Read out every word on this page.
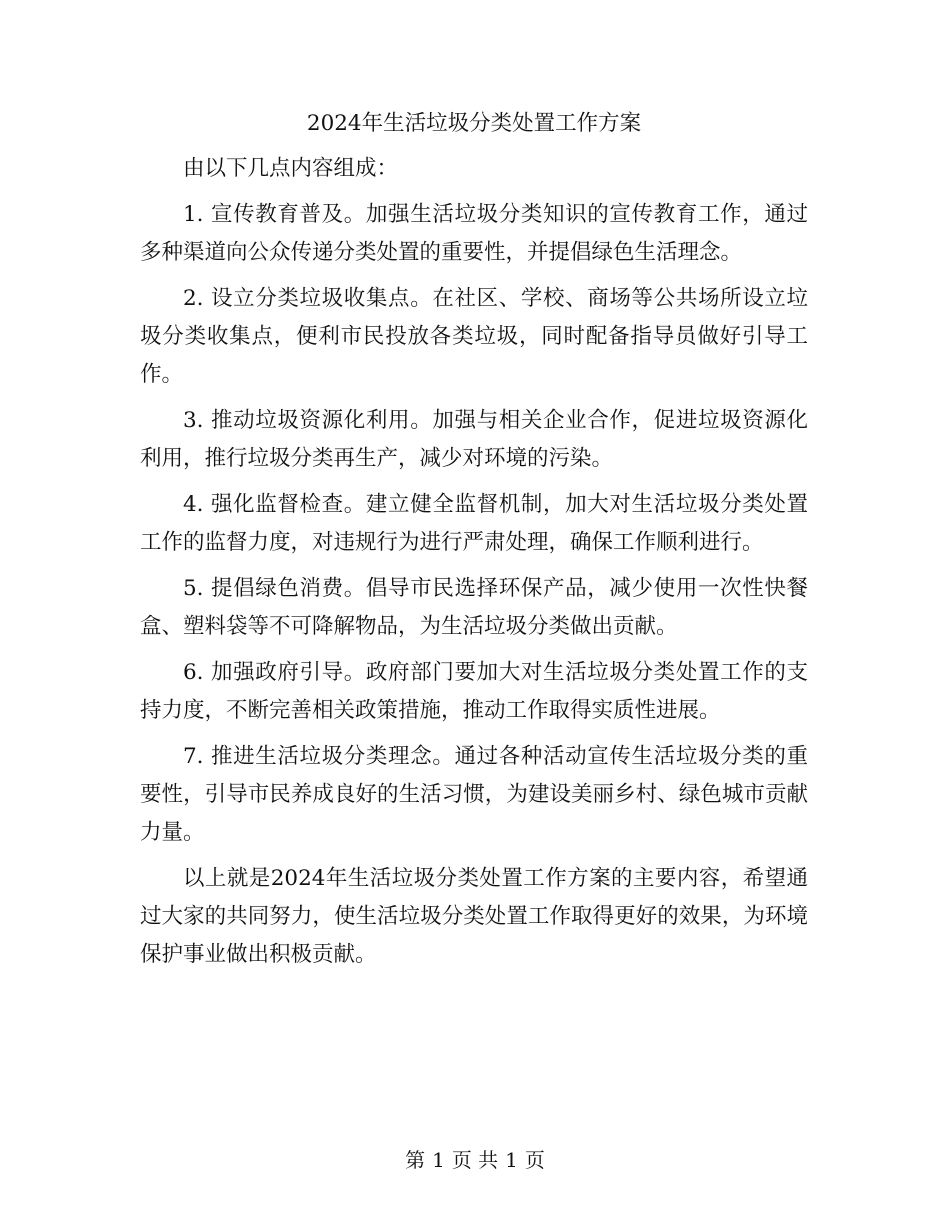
2024年生活垃圾分类处置工作方案

由以下几点内容组成：

1. 宣传教育普及。加强生活垃圾分类知识的宣传教育工作，通过多种渠道向公众传递分类处置的重要性，并提倡绿色生活理念。

2. 设立分类垃圾收集点。在社区、学校、商场等公共场所设立垃圾分类收集点，便利市民投放各类垃圾，同时配备指导员做好引导工作。

3. 推动垃圾资源化利用。加强与相关企业合作，促进垃圾资源化利用，推行垃圾分类再生产，减少对环境的污染。

4. 强化监督检查。建立健全监督机制，加大对生活垃圾分类处置工作的监督力度，对违规行为进行严肃处理，确保工作顺利进行。

5. 提倡绿色消费。倡导市民选择环保产品，减少使用一次性快餐盒、塑料袋等不可降解物品，为生活垃圾分类做出贡献。

6. 加强政府引导。政府部门要加大对生活垃圾分类处置工作的支持力度，不断完善相关政策措施，推动工作取得实质性进展。

7. 推进生活垃圾分类理念。通过各种活动宣传生活垃圾分类的重要性，引导市民养成良好的生活习惯，为建设美丽乡村、绿色城市贡献力量。

以上就是2024年生活垃圾分类处置工作方案的主要内容，希望通过大家的共同努力，使生活垃圾分类处置工作取得更好的效果，为环境保护事业做出积极贡献。

第 1 页 共 1 页
